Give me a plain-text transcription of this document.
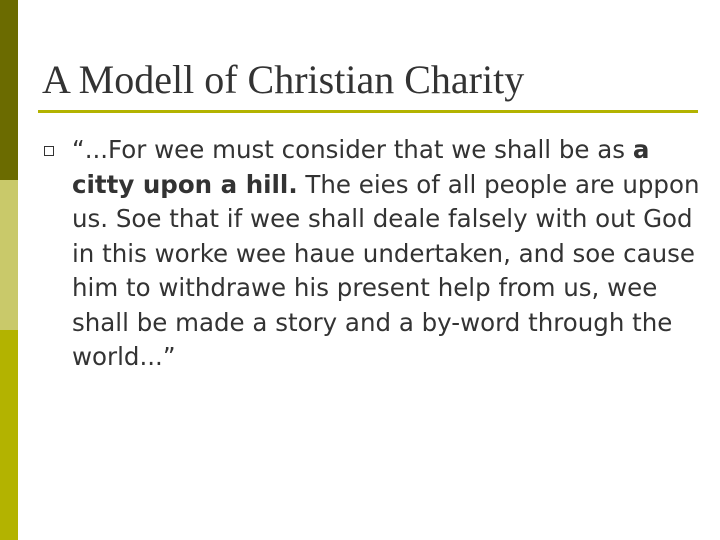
A Modell of Christian Charity

“...For wee must consider that we shall be as a citty upon a hill. The eies of all people are uppon us. Soe that if wee shall deale falsely with out God in this worke wee haue undertaken, and soe cause him to withdrawe his present help from us, wee shall be made a story and a by-word through the world...”
